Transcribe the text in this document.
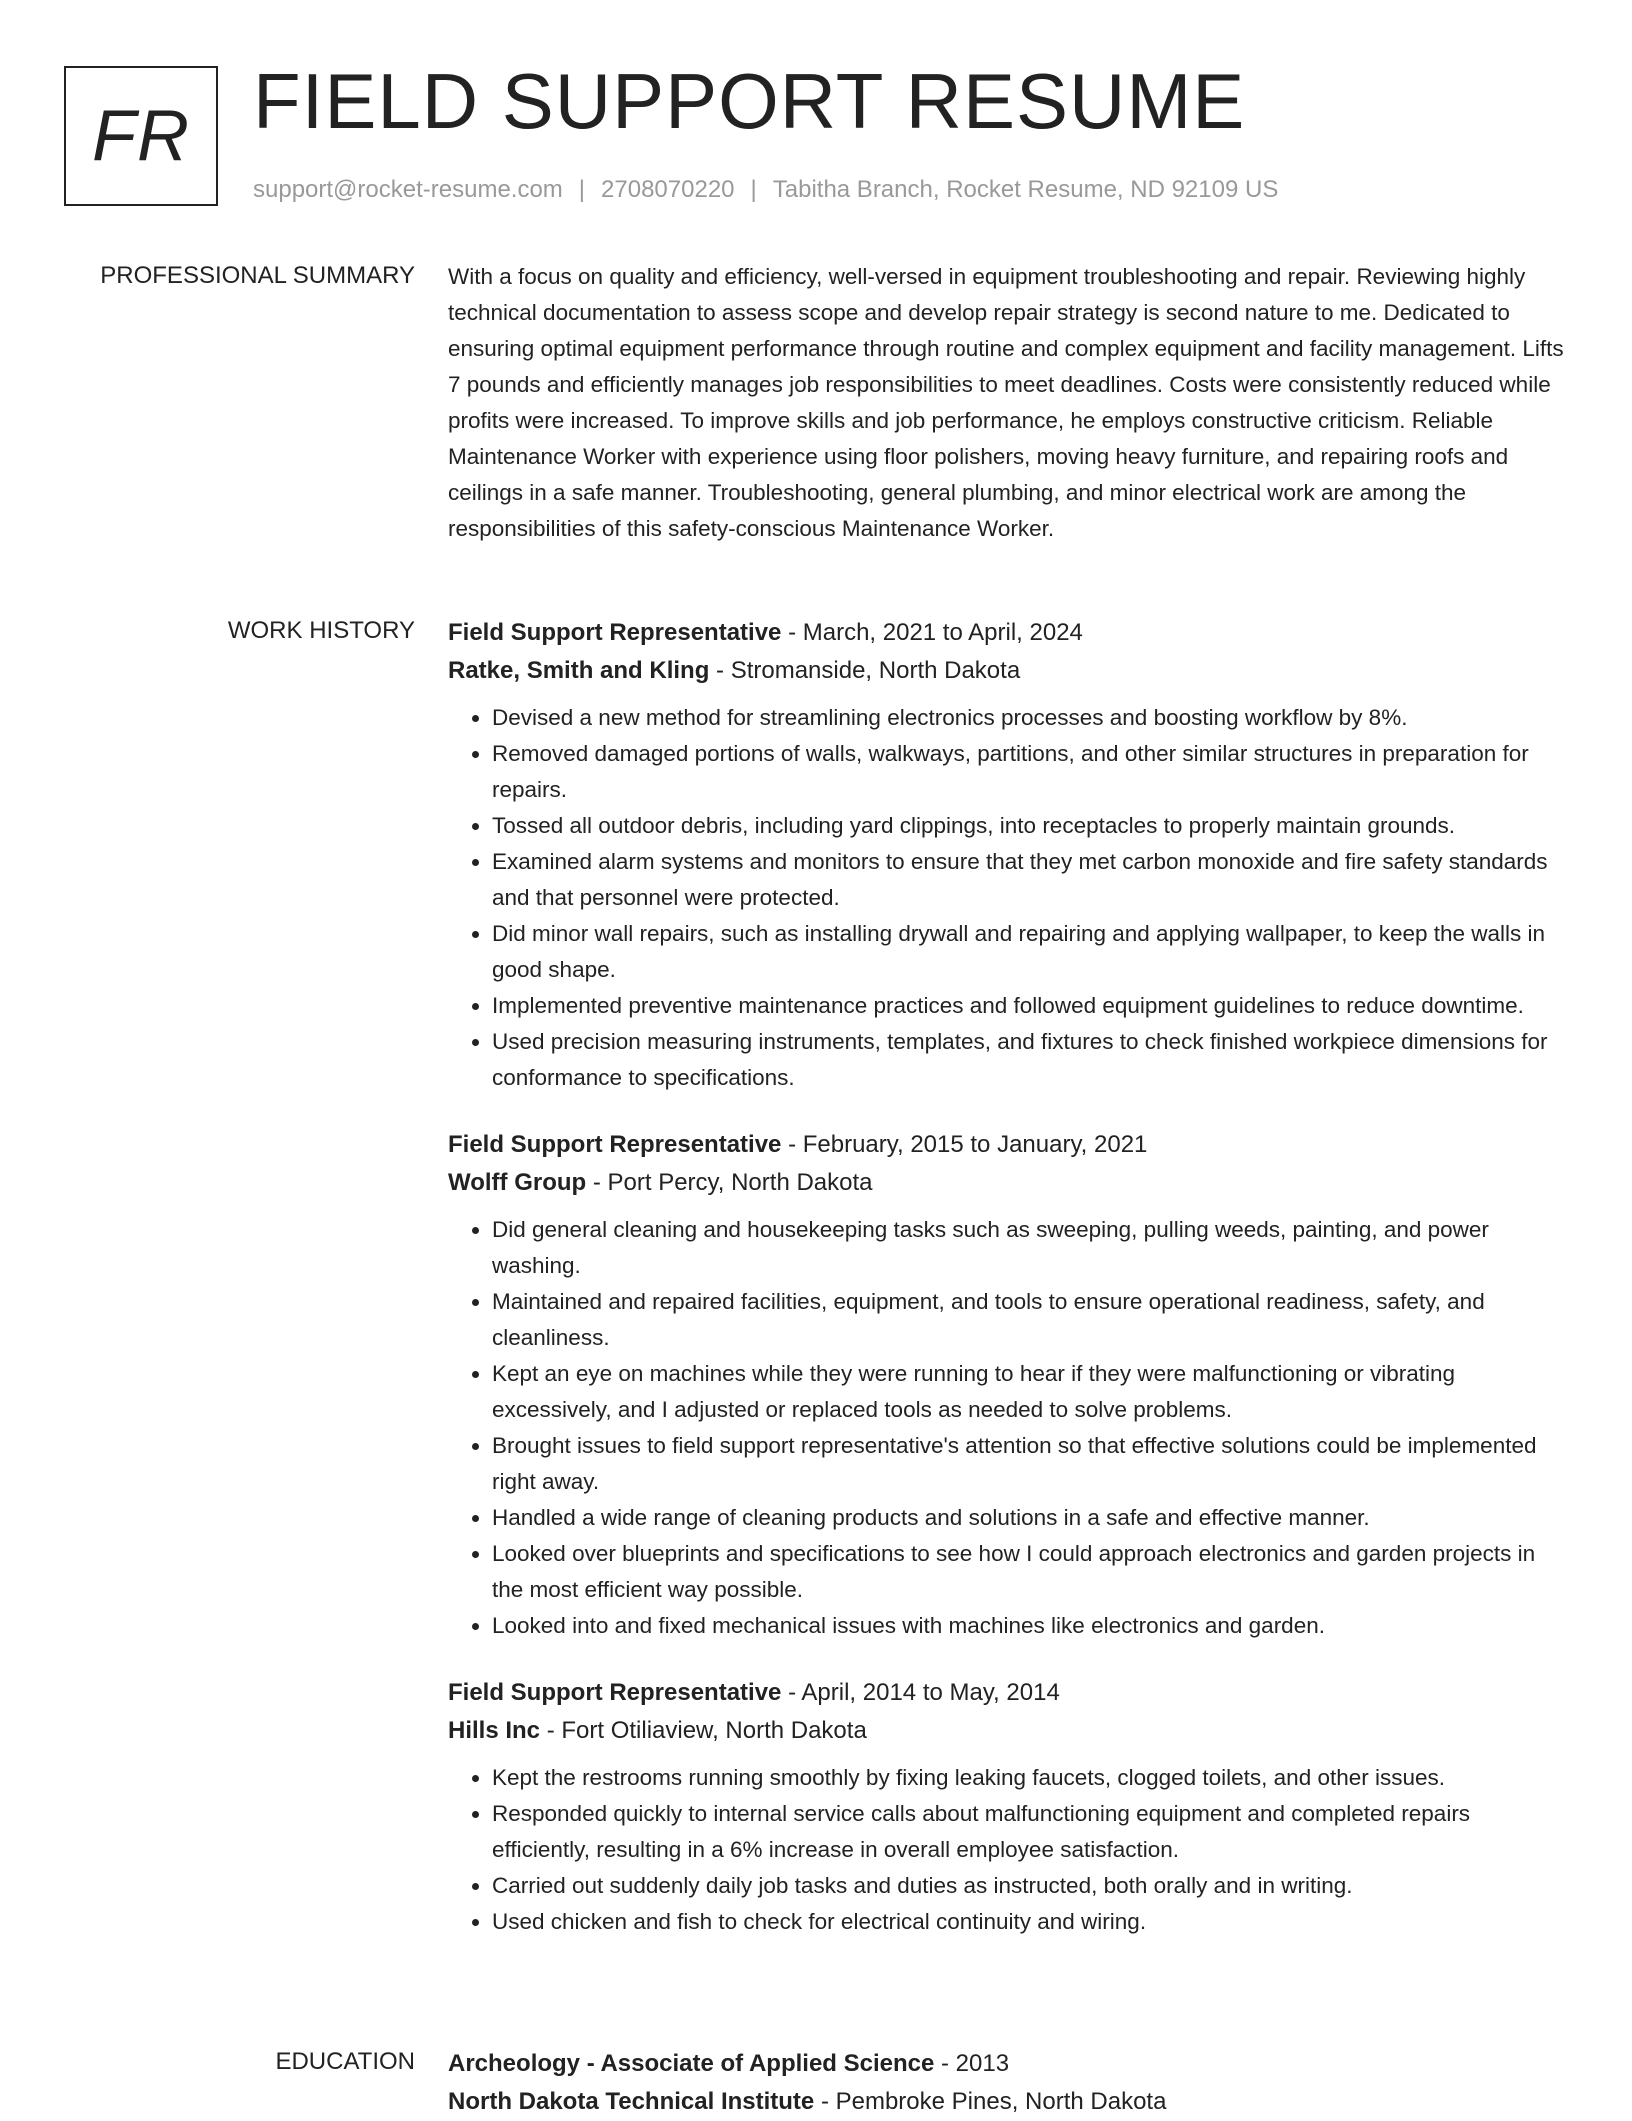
FR FIELD SUPPORT RESUME
support@rocket-resume.com | 2708070220 | Tabitha Branch, Rocket Resume, ND 92109 US
PROFESSIONAL SUMMARY With a focus on quality and efficiency, well-versed in equipment troubleshooting and repair. Reviewing highly technical documentation to assess scope and develop repair strategy is second nature to me. Dedicated to ensuring optimal equipment performance through routine and complex equipment and facility management. Lifts 7 pounds and efficiently manages job responsibilities to meet deadlines. Costs were consistently reduced while profits were increased. To improve skills and job performance, he employs constructive criticism. Reliable Maintenance Worker with experience using floor polishers, moving heavy furniture, and repairing roofs and ceilings in a safe manner. Troubleshooting, general plumbing, and minor electrical work are among the responsibilities of this safety-conscious Maintenance Worker.

WORK HISTORY Field Support Representative - March, 2021 to April, 2024
Ratke, Smith and Kling - Stromanside, North Dakota
• Devised a new method for streamlining electronics processes and boosting workflow by 8%.
• Removed damaged portions of walls, walkways, partitions, and other similar structures in preparation for repairs.
• Tossed all outdoor debris, including yard clippings, into receptacles to properly maintain grounds.
• Examined alarm systems and monitors to ensure that they met carbon monoxide and fire safety standards and that personnel were protected.
• Did minor wall repairs, such as installing drywall and repairing and applying wallpaper, to keep the walls in good shape.
• Implemented preventive maintenance practices and followed equipment guidelines to reduce downtime.
• Used precision measuring instruments, templates, and fixtures to check finished workpiece dimensions for conformance to specifications.
Field Support Representative - February, 2015 to January, 2021
Wolff Group - Port Percy, North Dakota
• Did general cleaning and housekeeping tasks such as sweeping, pulling weeds, painting, and power washing.
• Maintained and repaired facilities, equipment, and tools to ensure operational readiness, safety, and cleanliness.
• Kept an eye on machines while they were running to hear if they were malfunctioning or vibrating excessively, and I adjusted or replaced tools as needed to solve problems.
• Brought issues to field support representative's attention so that effective solutions could be implemented right away.
• Handled a wide range of cleaning products and solutions in a safe and effective manner.
• Looked over blueprints and specifications to see how I could approach electronics and garden projects in the most efficient way possible.
• Looked into and fixed mechanical issues with machines like electronics and garden.
Field Support Representative - April, 2014 to May, 2014
Hills Inc - Fort Otiliaview, North Dakota
• Kept the restrooms running smoothly by fixing leaking faucets, clogged toilets, and other issues.
• Responded quickly to internal service calls about malfunctioning equipment and completed repairs efficiently, resulting in a 6% increase in overall employee satisfaction.
• Carried out suddenly daily job tasks and duties as instructed, both orally and in writing.
• Used chicken and fish to check for electrical continuity and wiring.
EDUCATION Archeology - Associate of Applied Science - 2013
North Dakota Technical Institute - Pembroke Pines, North Dakota
